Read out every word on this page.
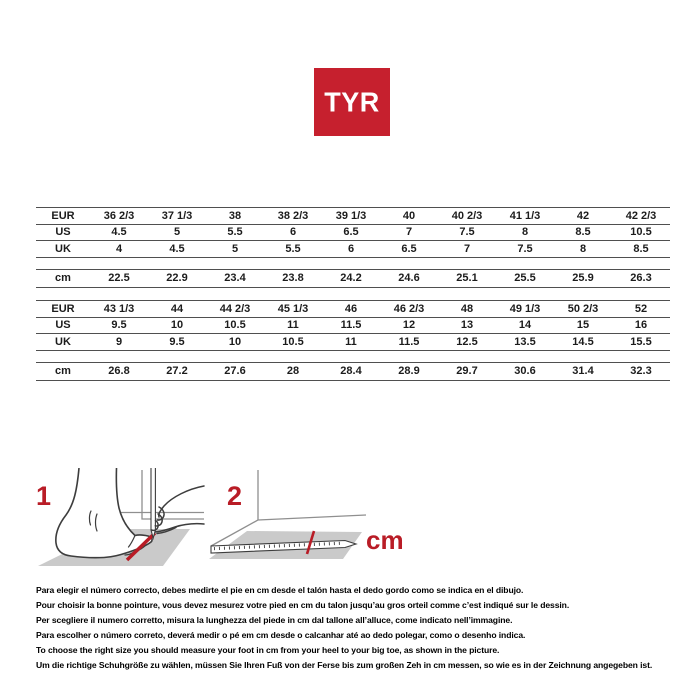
TYR
EUR	36 2/3	37 1/3	38	38 2/3	39 1/3	40	40 2/3	41 1/3	42	42 2/3
US	4.5	5	5.5	6	6.5	7	7.5	8	8.5	10.5
UK	4	4.5	5	5.5	6	6.5	7	7.5	8	8.5
cm	22.5	22.9	23.4	23.8	24.2	24.6	25.1	25.5	25.9	26.3
EUR	43 1/3	44	44 2/3	45 1/3	46	46 2/3	48	49 1/3	50 2/3	52
US	9.5	10	10.5	11	11.5	12	13	14	15	16
UK	9	9.5	10	10.5	11	11.5	12.5	13.5	14.5	15.5
cm	26.8	27.2	27.6	28	28.4	28.9	29.7	30.6	31.4	32.3
1	2
cm

Para elegir el número correcto, debes medirte el pie en cm desde el talón hasta el dedo gordo como se indica en el dibujo.

Pour choisir la bonne pointure, vous devez mesurez votre pied en cm du talon jusqu’au gros orteil comme c’est indiqué sur le dessin.

Per scegliere il numero corretto, misura la lunghezza del piede in cm dal tallone all’alluce, come indicato nell’immagine.

Para escolher o número correto, deverá medir o pé em cm desde o calcanhar até ao dedo polegar, como o desenho indica.

To choose the right size you should measure your foot in cm from your heel to your big toe, as shown in the picture.

Um die richtige Schuhgröße zu wählen, müssen Sie Ihren Fuß von der Ferse bis zum großen Zeh in cm messen, so wie es in der Zeichnung angegeben ist.
